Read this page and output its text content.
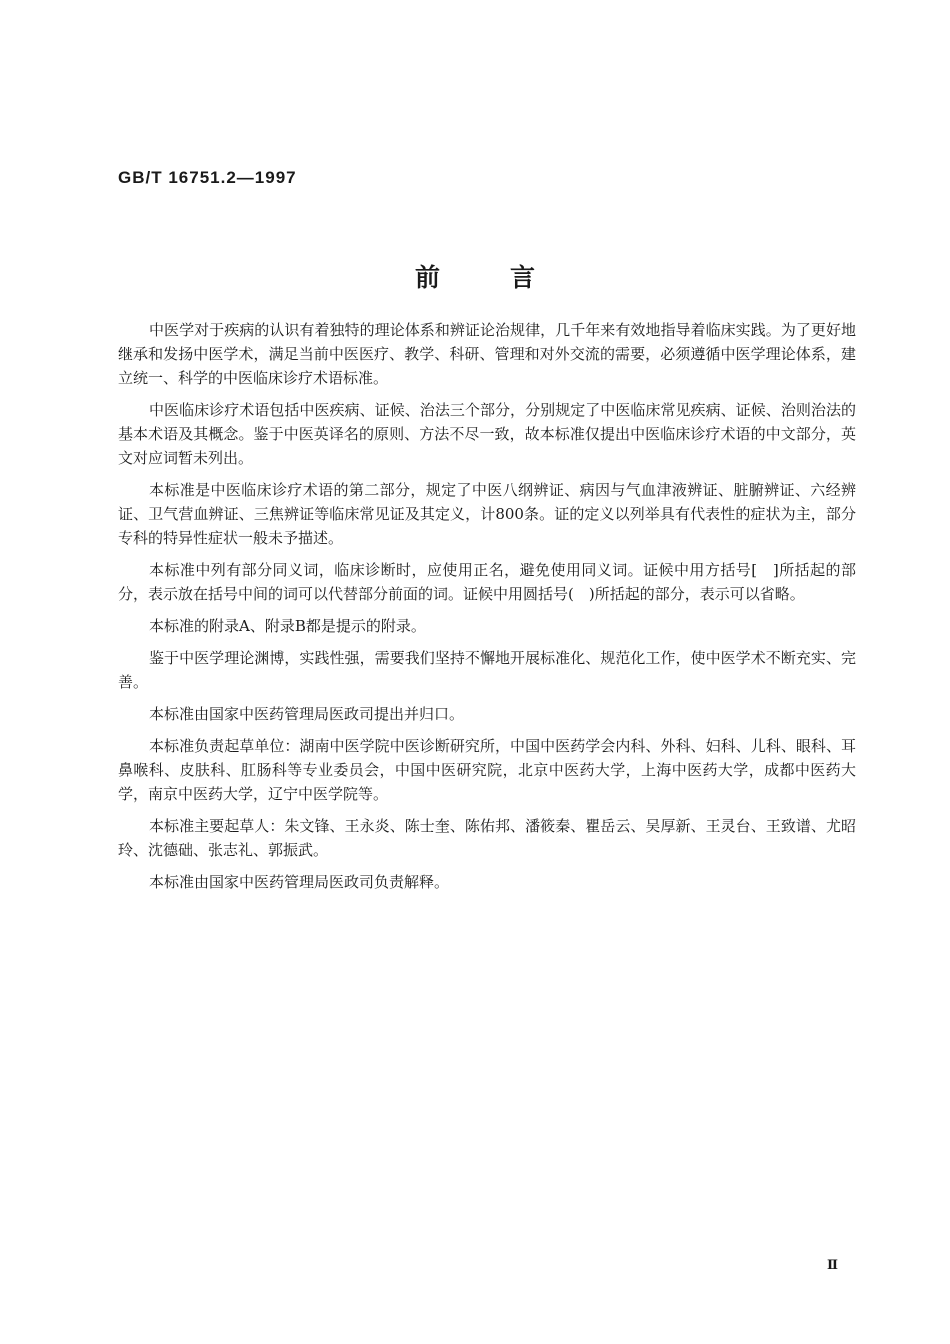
GB/T 16751.2—1997

前言

中医学对于疾病的认识有着独特的理论体系和辨证论治规律，几千年来有效地指导着临床实践。为了更好地继承和发扬中医学术，满足当前中医医疗、教学、科研、管理和对外交流的需要，必须遵循中医学理论体系，建立统一、科学的中医临床诊疗术语标准。

中医临床诊疗术语包括中医疾病、证候、治法三个部分，分别规定了中医临床常见疾病、证候、治则治法的基本术语及其概念。鉴于中医英译名的原则、方法不尽一致，故本标准仅提出中医临床诊疗术语的中文部分，英文对应词暂未列出。

本标准是中医临床诊疗术语的第二部分，规定了中医八纲辨证、病因与气血津液辨证、脏腑辨证、六经辨证、卫气营血辨证、三焦辨证等临床常见证及其定义，计800条。证的定义以列举具有代表性的症状为主，部分专科的特异性症状一般未予描述。

本标准中列有部分同义词，临床诊断时，应使用正名，避免使用同义词。证候中用方括号[　]所括起的部分，表示放在括号中间的词可以代替部分前面的词。证候中用圆括号(　)所括起的部分，表示可以省略。

本标准的附录A、附录B都是提示的附录。

鉴于中医学理论渊博，实践性强，需要我们坚持不懈地开展标准化、规范化工作，使中医学术不断充实、完善。

本标准由国家中医药管理局医政司提出并归口。

本标准负责起草单位：湖南中医学院中医诊断研究所，中国中医药学会内科、外科、妇科、儿科、眼科、耳鼻喉科、皮肤科、肛肠科等专业委员会，中国中医研究院，北京中医药大学，上海中医药大学，成都中医药大学，南京中医药大学，辽宁中医学院等。

本标准主要起草人：朱文锋、王永炎、陈士奎、陈佑邦、潘筱秦、瞿岳云、吴厚新、王灵台、王致谱、尤昭玲、沈德础、张志礼、郭振武。

本标准由国家中医药管理局医政司负责解释。

Ⅱ
